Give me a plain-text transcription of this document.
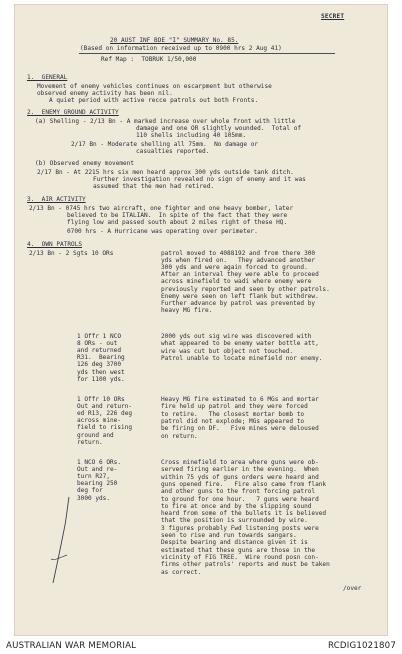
SECRET

20 AUST INF BDE "I" SUMMARY No. 85.

(Based on information received up to 0900 hrs 2 Aug 41)

Ref Map :  TOBRUK 1/50,000

1.  GENERAL

Movement of enemy vehicles continues on escarpment but otherwise

observed enemy activity has been nil.

A quiet period with active recce patrols out both Fronts.

2.  ENEMY GROUND ACTIVITY

(a) Shelling - 2/13 Bn - A marked increase over whole front with little

damage and one OR slightly wounded.  Total of

110 shells including 40 105mm.

2/17 Bn - Moderate shelling all 75mm.  No damage or

casualties reported.

(b) Observed enemy movement

2/17 Bn - At 2215 hrs six men heard approx 300 yds outside tank ditch.

Further investigation revealed no sign of enemy and it was

assumed that the men had retired.

3.  AIR ACTIVITY

2/13 Bn - 0745 hrs two aircraft, one fighter and one heavy bomber, later

believed to be ITALIAN.  In spite of the fact that they were

flying low and passed south about 2 miles right of these HQ.

0700 hrs - A Hurricane was operating over perimeter.

4.  OWN PATROLS

2/13 Bn - 2 Sgts 10 ORs	patrol moved to 4088192 and from there 300

yds when fired on.   They advanced another

300 yds and were again forced to ground.

After an interval they were able to proceed

across minefield to wadi where enemy were

previously reported and seen by other patrols.

Enemy were seen on left flank but withdrew.

Further advance by patrol was prevented by

heavy MG fire.

1 Offr 1 NCO

8 ORs - out

and returned

R31.  Bearing

126 deg 3700

yds then west

for 1100 yds.

2000 yds out sig wire was discovered with

what appeared to be enemy water bottle att,

wire was cut but object not touched.

Patrol unable to locate minefield nor enemy.

1 Offr 10 ORs

Out and return-

ed R13, 226 deg

across mine-

field to rising

ground and

return.

Heavy MG fire estimated to 6 MGs and mortar

fire held up patrol and they were forced

to retire.   The closest mortar bomb to

patrol did not explode; MGs appeared to

be firing on DF.   Five mines were deloused

on return.

1 NCO 6 ORs.

Out and re-

turn R27,

bearing 250

deg for

3000 yds.

Cross minefield to area where guns were ob-

served firing earlier in the evening.  When

within 75 yds of guns orders were heard and

guns opened fire.   Fire also came from flank

and other guns to the front forcing patrol

to ground for one hour.   7 guns were heard

to fire at once and by the slipping sound

heard from some of the bullets it is believed

that the position is surrounded by wire.

3 figures probably Fwd listening posts were

seen to rise and run towards sangars.

Despite bearing and distance given it is

estimated that these guns are those in the

vicinity of FIG TREE.  Wire round posn con-

firms other patrols' reports and must be taken

as correct.

/over

AUSTRALIAN WAR MEMORIAL	RCDIG1021807
